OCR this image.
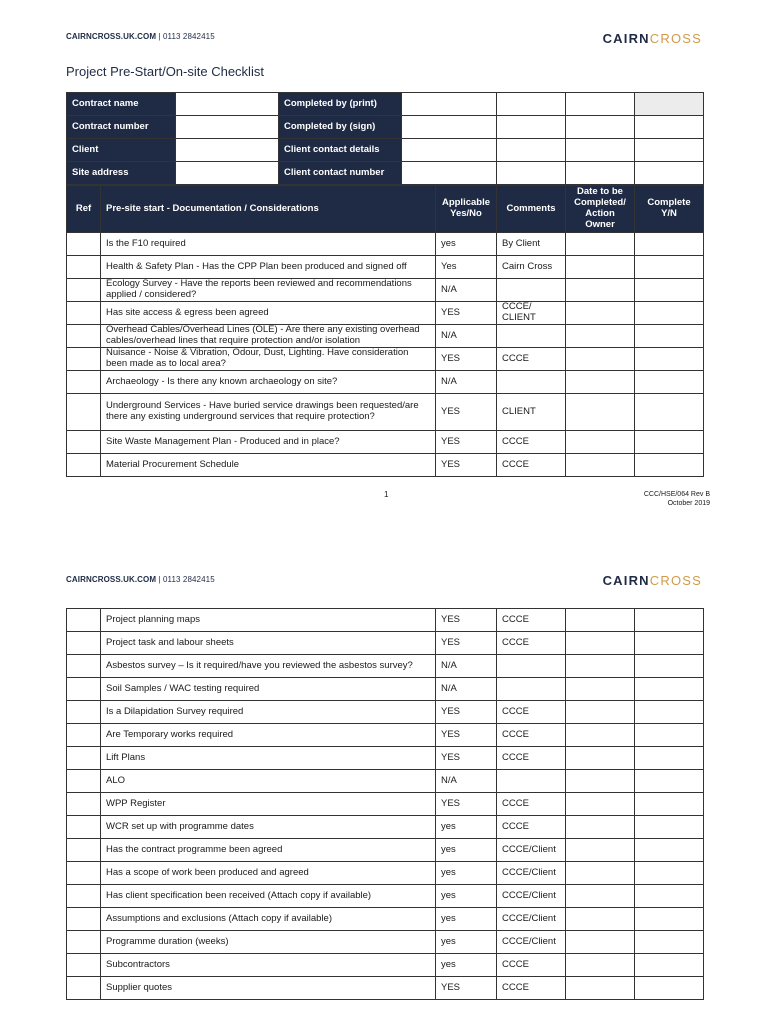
CAIRNCROSS.UK.COM | 0113 2842415	CAIRNCROSS
Project Pre-Start/On-site Checklist
Contract name		Completed by (print)				
Contract number		Completed by (sign)				
Client		Client contact details				
Site address		Client contact number				
Ref	Pre-site start - Documentation / Considerations	Applicable Yes/No	Comments	Date to be Completed/ Action Owner	Complete Y/N
	Is the F10 required	yes	By Client		
	Health & Safety Plan - Has the CPP Plan been produced and signed off	Yes	Cairn Cross		
	Ecology Survey - Have the reports been reviewed and recommendations applied / considered?	N/A			
	Has site access & egress been agreed	YES	CCCE/ CLIENT		
	Overhead Cables/Overhead Lines (OLE) - Are there any existing overhead cables/overhead lines that require protection and/or isolation	N/A			
	Nuisance - Noise & Vibration, Odour, Dust, Lighting. Have consideration been made as to local area?	YES	CCCE		
	Archaeology - Is there any known archaeology on site?	N/A			
	Underground Services - Have buried service drawings been requested/are there any existing underground services that require protection?	YES	CLIENT		
	Site Waste Management Plan - Produced and in place?	YES	CCCE		
	Material Procurement Schedule	YES	CCCE		
1	CCC/HSE/064 Rev B
October 2019
CAIRNCROSS.UK.COM | 0113 2842415	CAIRNCROSS
	Project planning maps	YES	CCCE		
	Project task and labour sheets	YES	CCCE		
	Asbestos survey – Is it required/have you reviewed the asbestos survey?	N/A			
	Soil Samples / WAC testing required	N/A			
	Is a Dilapidation Survey required	YES	CCCE		
	Are Temporary works required	YES	CCCE		
	Lift Plans	YES	CCCE		
	ALO	N/A			
	WPP Register	YES	CCCE		
	WCR set up with programme dates	yes	CCCE		
	Has the contract programme been agreed	yes	CCCE/Client		
	Has a scope of work been produced and agreed	yes	CCCE/Client		
	Has client specification been received (Attach copy if available)	yes	CCCE/Client		
	Assumptions and exclusions (Attach copy if available)	yes	CCCE/Client		
	Programme duration (weeks)	yes	CCCE/Client		
	Subcontractors	yes	CCCE		
	Supplier quotes	YES	CCCE		
